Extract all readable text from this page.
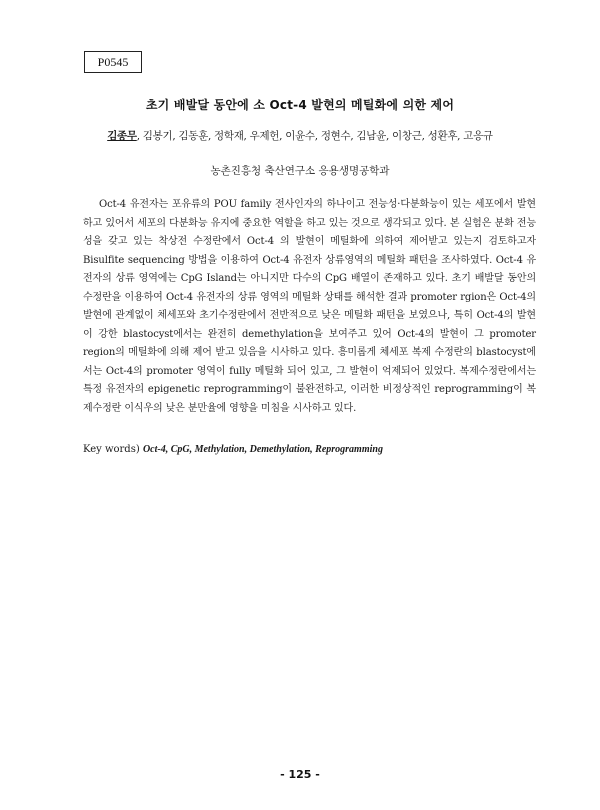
P0545
초기 배발달 동안에 소 Oct-4 발현의 메틸화에 의한 제어
김종무, 김봉기, 김동훈, 정학재, 우제헌, 이윤수, 정현수, 김남윤, 이창근, 성환후, 고응규
농촌진흥청 축산연구소 응용생명공학과

Oct-4 유전자는 포유류의 POU family 전사인자의 하나이고 전능성·다분화능이 있는 세포에서 발현하고 있어서 세포의 다분화능 유지에 중요한 역할을 하고 있는 것으로 생각되고 있다. 본 실험은 분화 전능성을 갖고 있는 착상전 수정란에서 Oct-4 의 발현이 메틸화에 의하여 제어받고 있는지 검토하고자 Bisulfite sequencing 방법을 이용하여 Oct-4 유전자 상류영역의 메틸화 패턴을 조사하였다. Oct-4 유전자의 상류 영역에는 CpG Island는 아니지만 다수의 CpG 배열이 존재하고 있다. 초기 배발달 동안의 수정란을 이용하여 Oct-4 유전자의 상류 영역의 메틸화 상태를 해석한 결과 promoter rgion은 Oct-4의 발현에 관계없이 체세포와 초기수정란에서 전반적으로 낮은 메틸화 패턴을 보였으나, 특히 Oct-4의 발현이 강한 blastocyst에서는 완전히 demethylation을 보여주고 있어 Oct-4의 발현이 그 promoter region의 메틸화에 의해 제어 받고 있음을 시사하고 있다. 흥미롭게 체세포 복제 수정란의 blastocyst에서는 Oct-4의 promoter 영역이 fully 메틸화 되어 있고, 그 발현이 억제되어 있었다. 복제수정란에서는 특정 유전자의 epigenetic reprogramming이 불완전하고, 이러한 비정상적인 reprogramming이 복제수정란 이식우의 낮은 분만율에 영향을 미침을 시사하고 있다.

Key words) Oct-4, CpG, Methylation, Demethylation, Reprogramming
- 125 -
